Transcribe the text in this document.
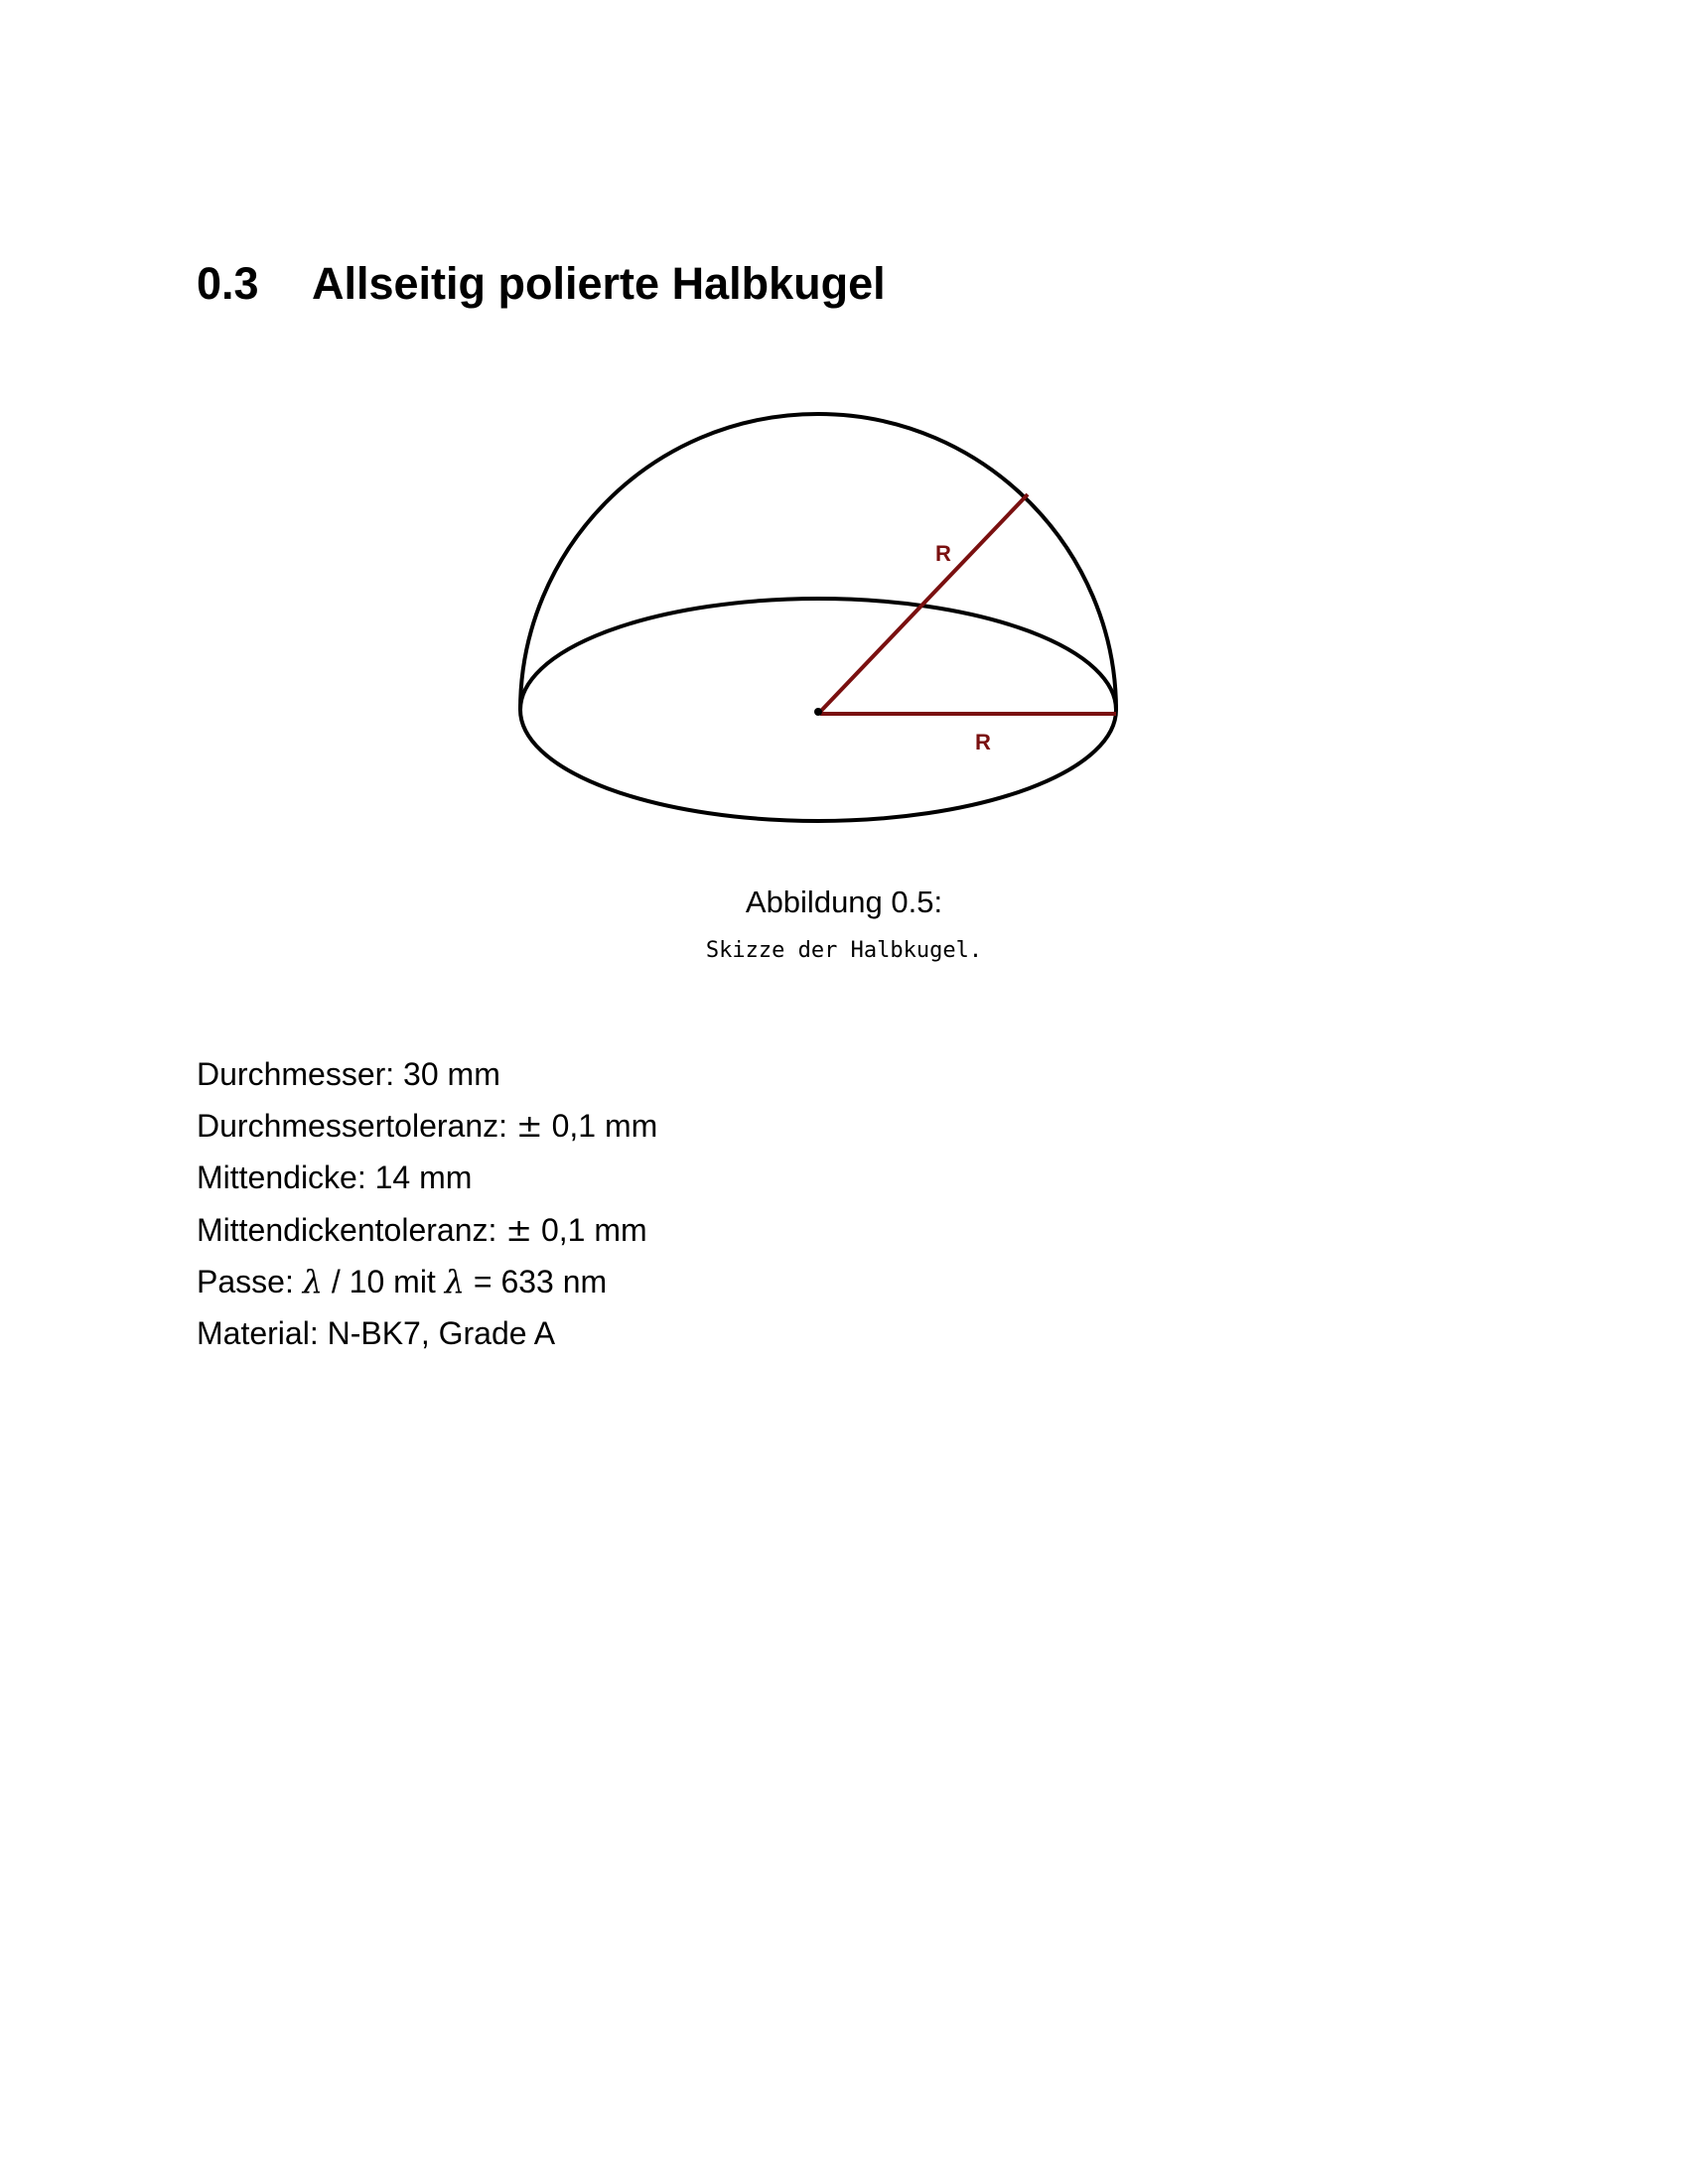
0.3 Allseitig polierte Halbkugel
R
R
Abbildung 0.5:
Skizze der Halbkugel.
Durchmesser: 30 mm
Durchmessertoleranz: ± 0,1 mm
Mittendicke: 14 mm
Mittendickentoleranz: ± 0,1 mm
Passe: λ / 10 mit λ = 633 nm
Material: N-BK7, Grade A
